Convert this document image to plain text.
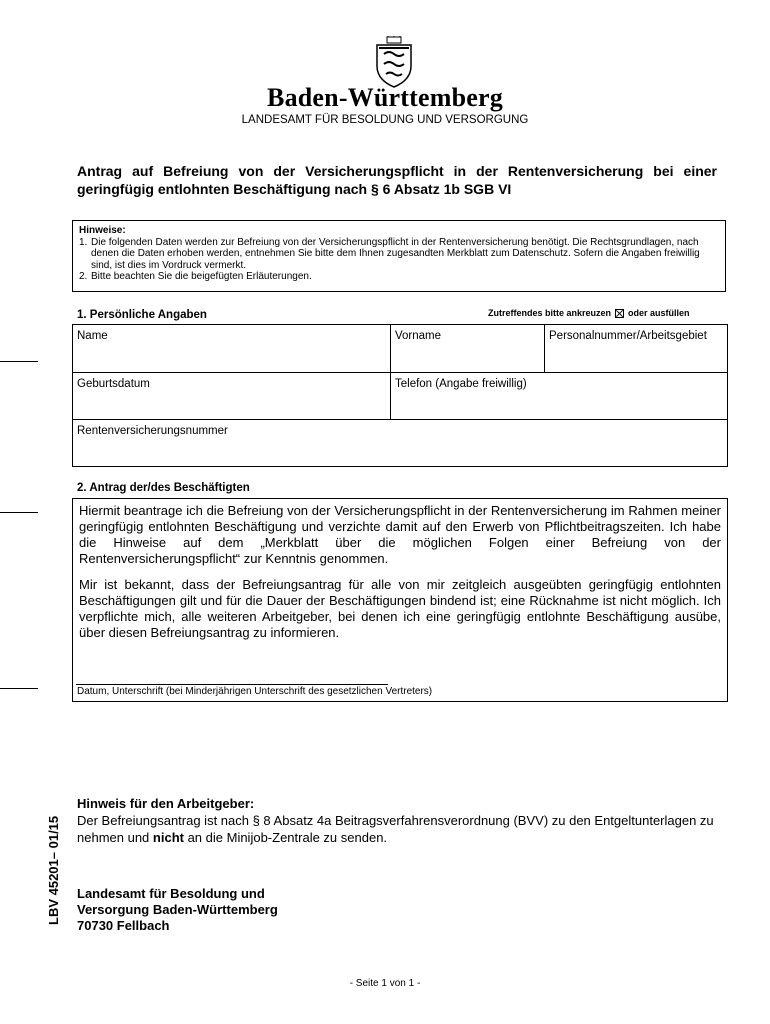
Baden-Württemberg
LANDESAMT FÜR BESOLDUNG UND VERSORGUNG
Antrag auf Befreiung von der Versicherungspflicht in der Rentenversicherung bei einer geringfügig entlohnten Beschäftigung nach § 6 Absatz 1b SGB VI
Hinweise:
1. Die folgenden Daten werden zur Befreiung von der Versicherungspflicht in der Rentenversicherung benötigt. Die Rechtsgrundlagen, nach denen die Daten erhoben werden, entnehmen Sie bitte dem Ihnen zugesandten Merkblatt zum Datenschutz. Sofern die Angaben freiwillig sind, ist dies im Vordruck vermerkt.
2. Bitte beachten Sie die beigefügten Erläuterungen.
1. Persönliche Angaben	Zutreffendes bitte ankreuzen oder ausfüllen
Name	Vorname	Personalnummer/Arbeitsgebiet
Geburtsdatum	Telefon (Angabe freiwillig)
Rentenversicherungsnummer
2. Antrag der/des Beschäftigten

Hiermit beantrage ich die Befreiung von der Versicherungspflicht in der Rentenversicherung im Rahmen meiner geringfügig entlohnten Beschäftigung und verzichte damit auf den Erwerb von Pflichtbeitragszeiten. Ich habe die Hinweise auf dem „Merkblatt über die möglichen Folgen einer Befreiung von der Rentenversicherungspflicht“ zur Kenntnis genommen.

Mir ist bekannt, dass der Befreiungsantrag für alle von mir zeitgleich ausgeübten geringfügig entlohnten Beschäftigungen gilt und für die Dauer der Beschäftigungen bindend ist; eine Rücknahme ist nicht möglich. Ich verpflichte mich, alle weiteren Arbeitgeber, bei denen ich eine geringfügig entlohnte Beschäftigung ausübe, über diesen Befreiungsantrag zu informieren.

Datum, Unterschrift (bei Minderjährigen Unterschrift des gesetzlichen Vertreters)
Hinweis für den Arbeitgeber:
Der Befreiungsantrag ist nach § 8 Absatz 4a Beitragsverfahrensverordnung (BVV) zu den Entgeltunterlagen zu nehmen und nicht an die Minijob-Zentrale zu senden.
LBV 45201– 01/15 Landesamt für Besoldung und
Versorgung Baden-Württemberg
70730 Fellbach
- Seite 1 von 1 -
